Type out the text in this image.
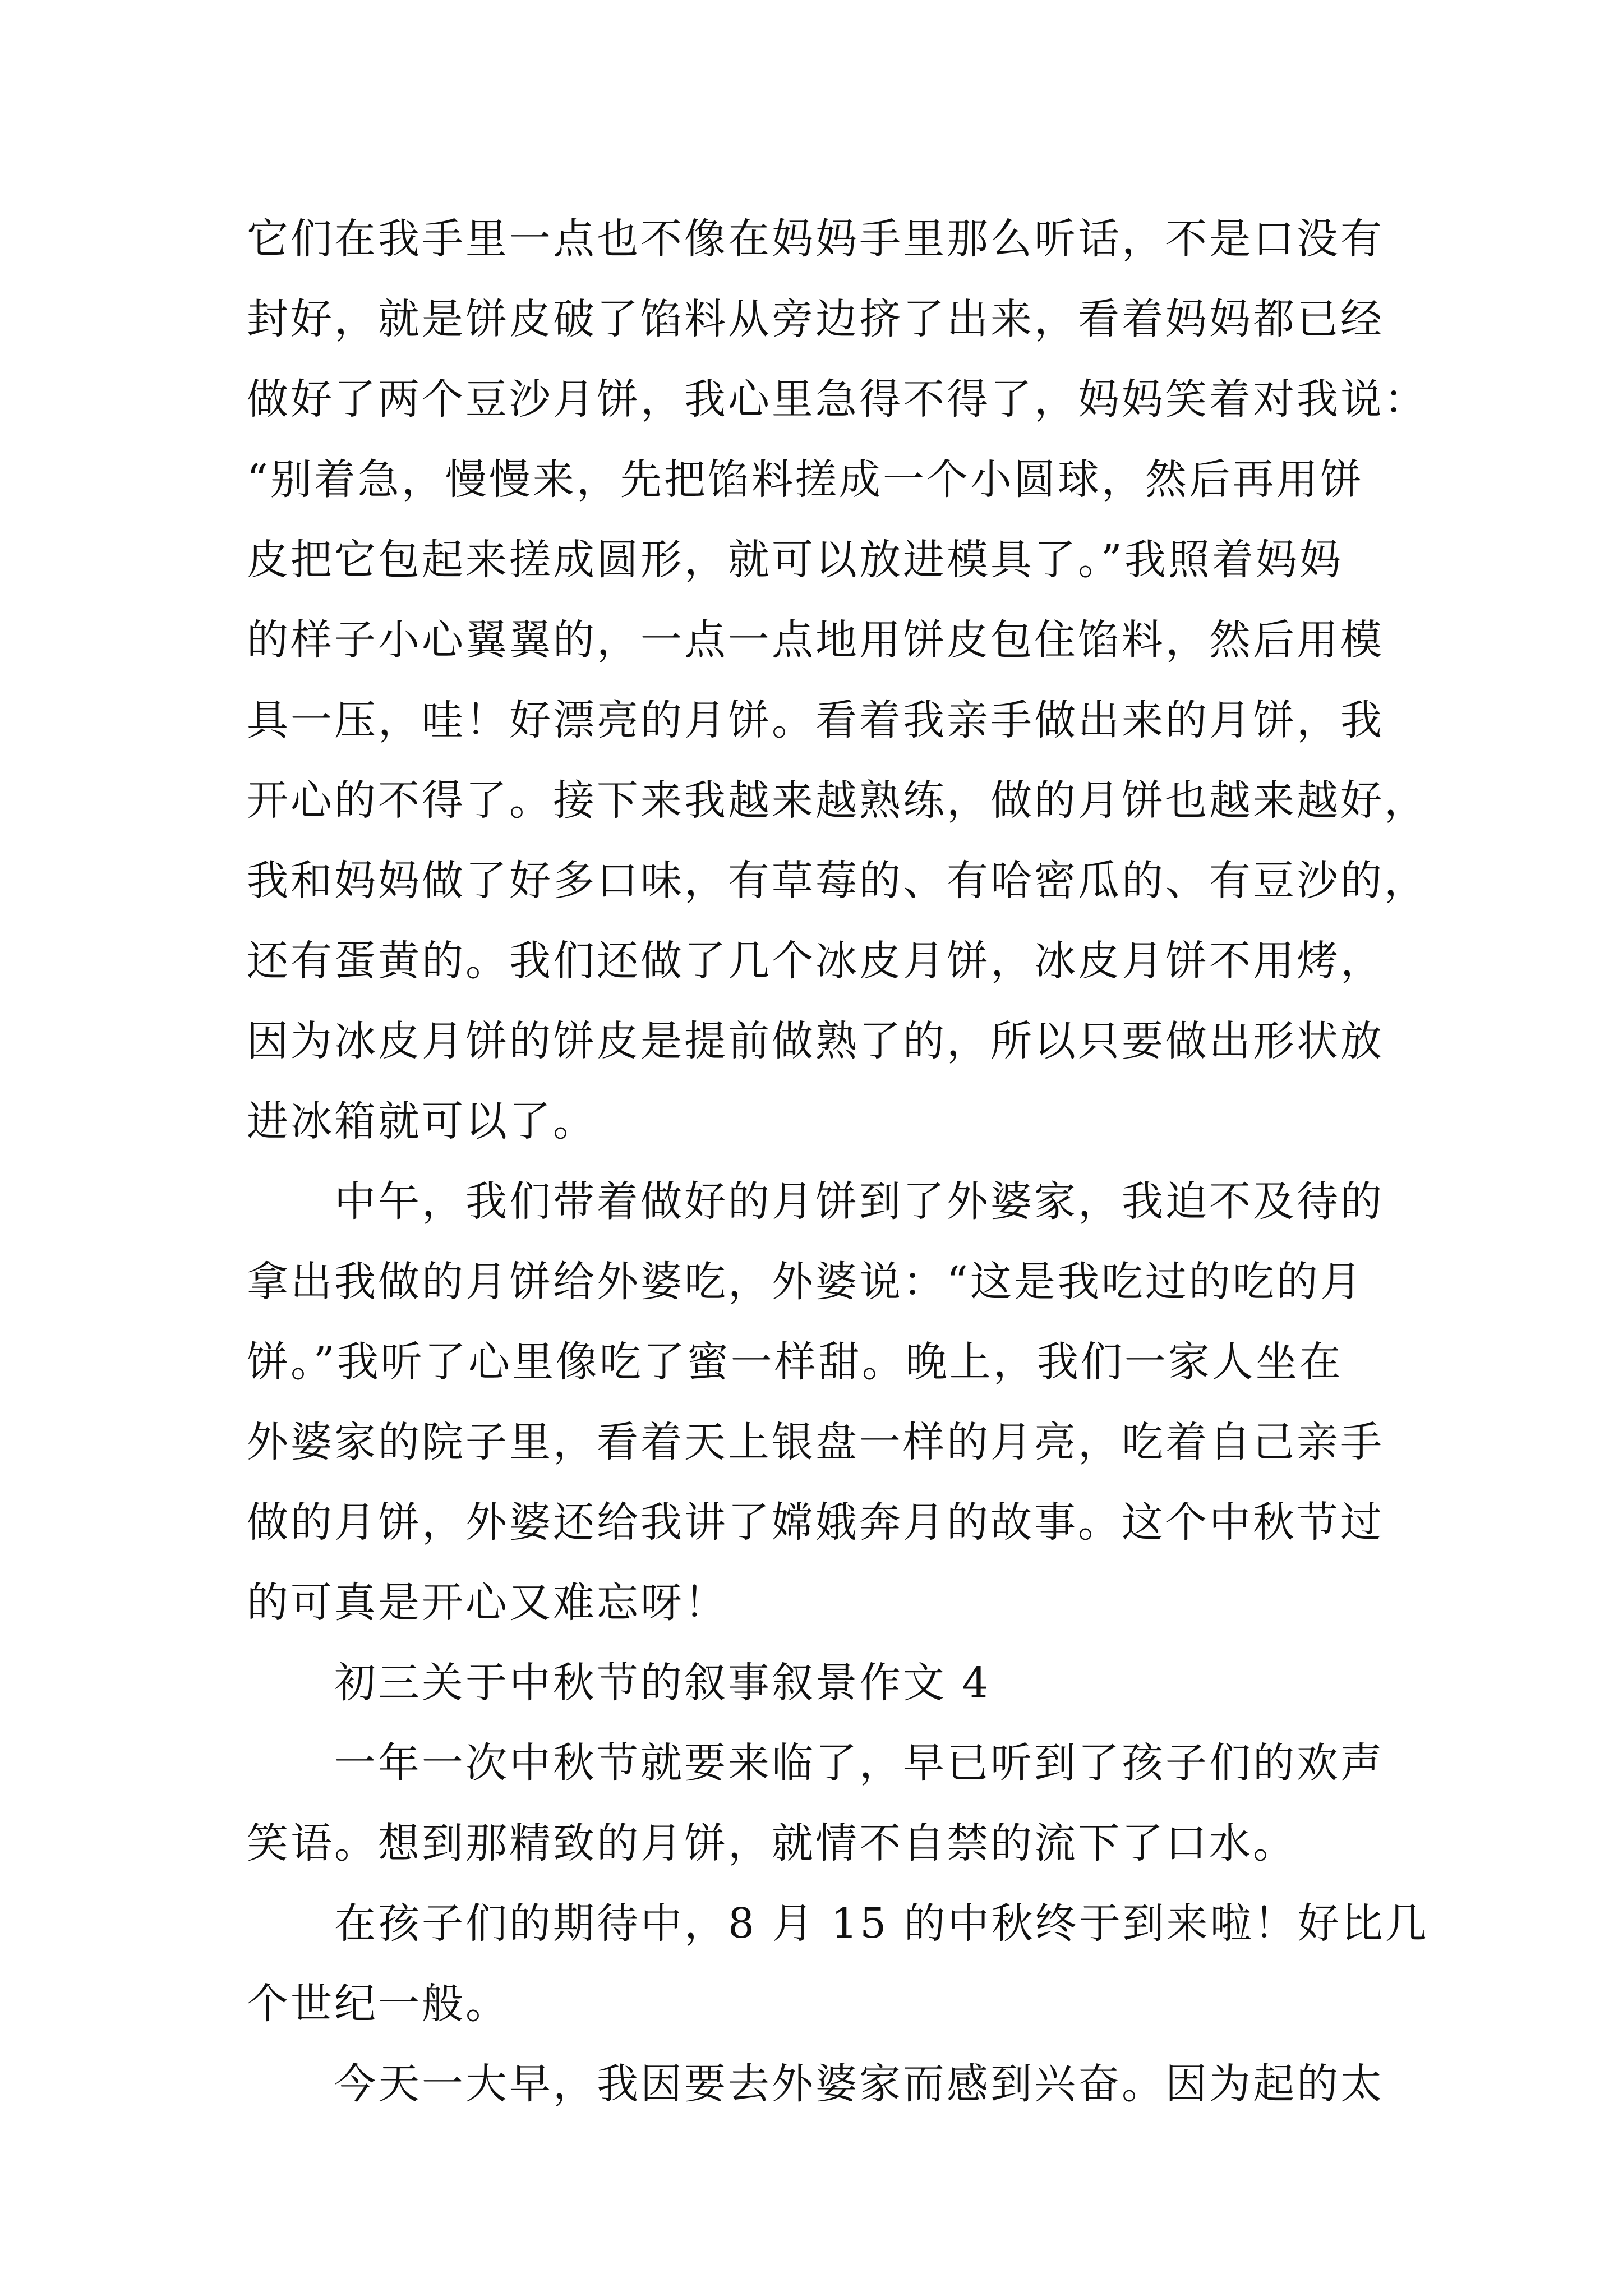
它们在我手里一点也不像在妈妈手里那么听话，不是口没有
封好，就是饼皮破了馅料从旁边挤了出来，看着妈妈都已经
做好了两个豆沙月饼，我心里急得不得了，妈妈笑着对我说：
“别着急，慢慢来，先把馅料搓成一个小圆球，然后再用饼
皮把它包起来搓成圆形，就可以放进模具了。”我照着妈妈
的样子小心翼翼的，一点一点地用饼皮包住馅料，然后用模
具一压，哇！好漂亮的月饼。看着我亲手做出来的月饼，我
开心的不得了。接下来我越来越熟练，做的月饼也越来越好，
我和妈妈做了好多口味，有草莓的、有哈密瓜的、有豆沙的，
还有蛋黄的。我们还做了几个冰皮月饼，冰皮月饼不用烤，
因为冰皮月饼的饼皮是提前做熟了的，所以只要做出形状放
进冰箱就可以了。
中午，我们带着做好的月饼到了外婆家，我迫不及待的
拿出我做的月饼给外婆吃，外婆说：“这是我吃过的吃的月
饼。”我听了心里像吃了蜜一样甜。晚上，我们一家人坐在
外婆家的院子里，看着天上银盘一样的月亮，吃着自己亲手
做的月饼，外婆还给我讲了嫦娥奔月的故事。这个中秋节过
的可真是开心又难忘呀！
初三关于中秋节的叙事叙景作文 4
一年一次中秋节就要来临了，早已听到了孩子们的欢声
笑语。想到那精致的月饼，就情不自禁的流下了口水。
在孩子们的期待中，8 月 15 的中秋终于到来啦！好比几
个世纪一般。
今天一大早，我因要去外婆家而感到兴奋。因为起的太
